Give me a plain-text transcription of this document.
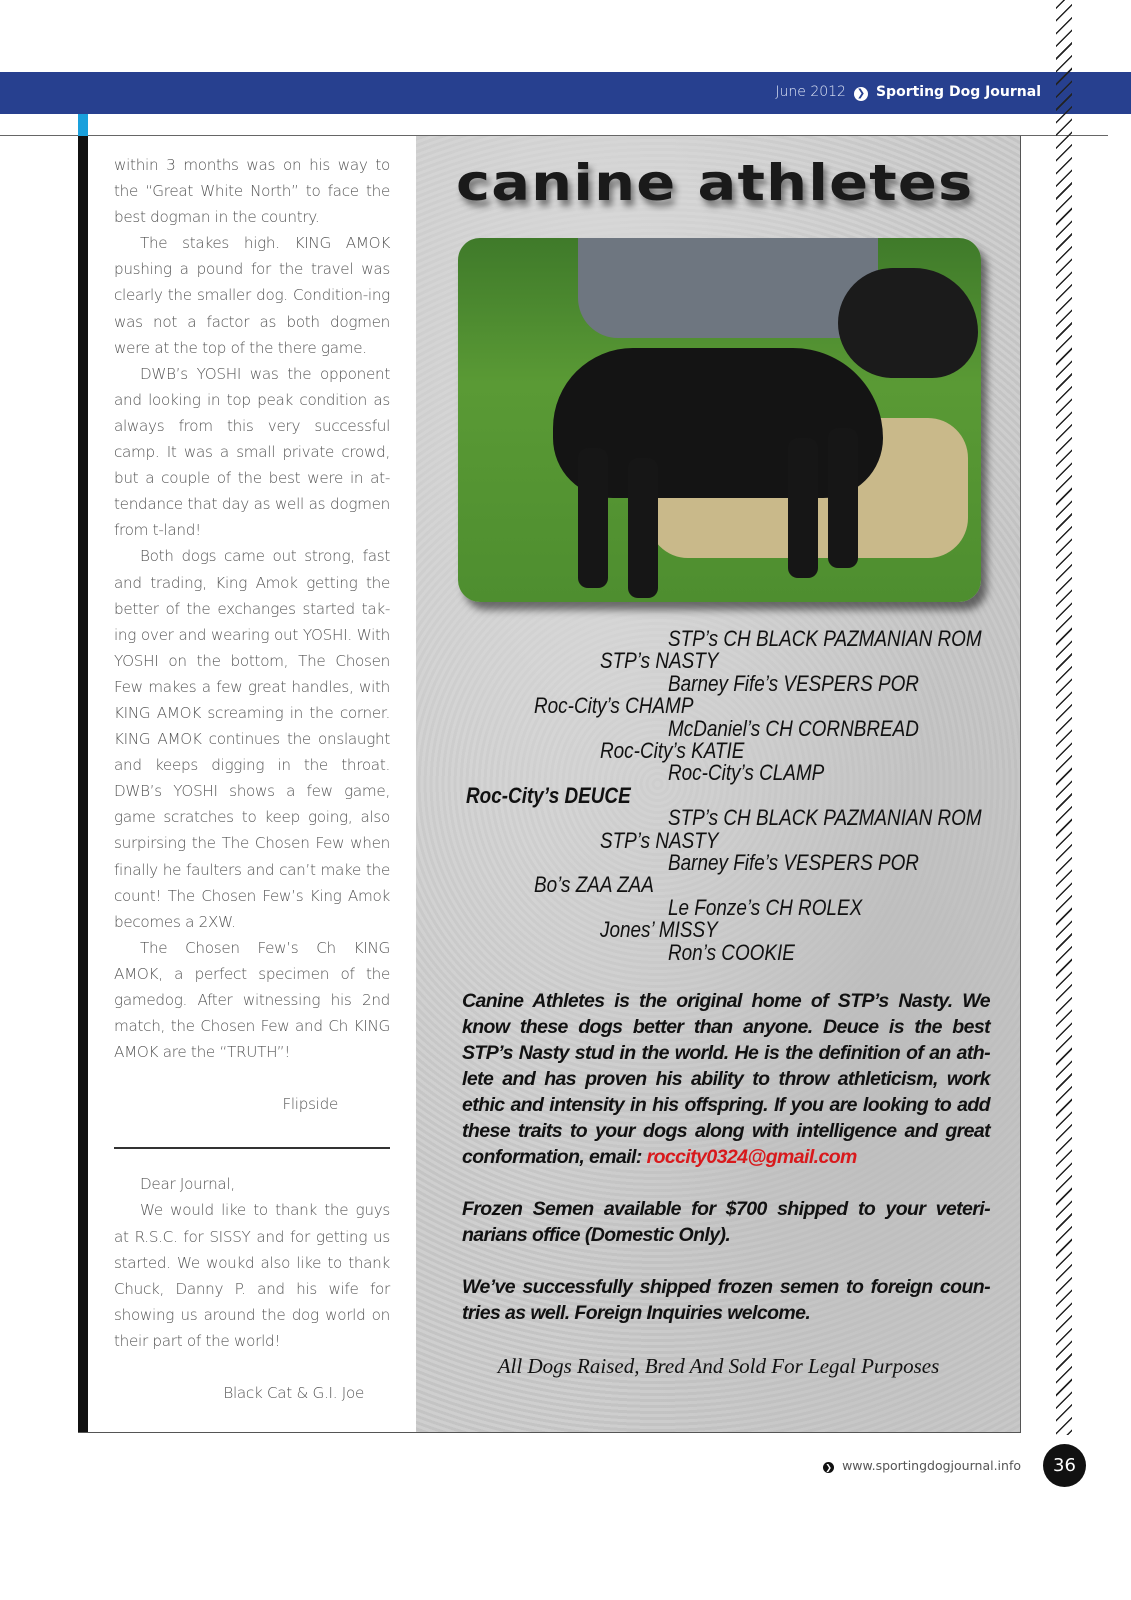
June 2012 ❯ Sporting Dog Journal

within 3 months was on his way to the “Great White North” to face the best dogman in the country.

The stakes high. KING AMOK pushing a pound for the travel was clearly the smaller dog. Condition-ing was not a factor as both dogmen were at the top of the there game.

DWB’s YOSHI was the opponent and looking in top peak condition as always from this very successful camp. It was a small private crowd, but a couple of the best were in at-tendance that day as well as dogmen from t-land!

Both dogs came out strong, fast and trading, King Amok getting the better of the exchanges started tak-ing over and wearing out YOSHI. With YOSHI on the bottom, The Chosen Few makes a few great handles, with KING AMOK screaming in the corner. KING AMOK continues the onslaught and keeps digging in the throat. DWB’s YOSHI shows a few game, game scratches to keep going, also surpirsing the The Chosen Few when finally he faulters and can’t make the count! The Chosen Few’s King Amok becomes a 2XW.

The Chosen Few’s Ch KING AMOK, a perfect specimen of the gamedog. After witnessing his 2nd match, the Chosen Few and Ch KING AMOK are the “TRUTH”!

Flipside

Dear Journal,

We would like to thank the guys at R.S.C. for SISSY and for getting us started. We woukd also like to thank Chuck, Danny P. and his wife for showing us around the dog world on their part of the world!

Black Cat & G.I. Joe
canine athletes
STP’s CH BLACK PAZMANIAN ROM
STP’s NASTY
Barney Fife’s VESPERS POR
Roc-City’s CHAMP
McDaniel’s CH CORNBREAD
Roc-City’s KATIE
Roc-City’s CLAMP
Roc-City’s DEUCE
STP’s CH BLACK PAZMANIAN ROM
STP’s NASTY
Barney Fife’s VESPERS POR
Bo’s ZAA ZAA
Le Fonze’s CH ROLEX
Jones’ MISSY
Ron’s COOKIE

Canine Athletes is the original home of STP’s Nasty. We know these dogs better than anyone. Deuce is the best STP’s Nasty stud in the world. He is the definition of an ath-lete and has proven his ability to throw athleticism, work ethic and intensity in his offspring. If you are looking to add these traits to your dogs along with intelligence and great conformation, email: roccity0324@gmail.com

Frozen Semen available for $700 shipped to your veteri-narians office (Domestic Only).

We’ve successfully shipped frozen semen to foreign coun-tries as well. Foreign Inquiries welcome.

All Dogs Raised, Bred And Sold For Legal Purposes
❯ www.sportingdogjournal.info	36
